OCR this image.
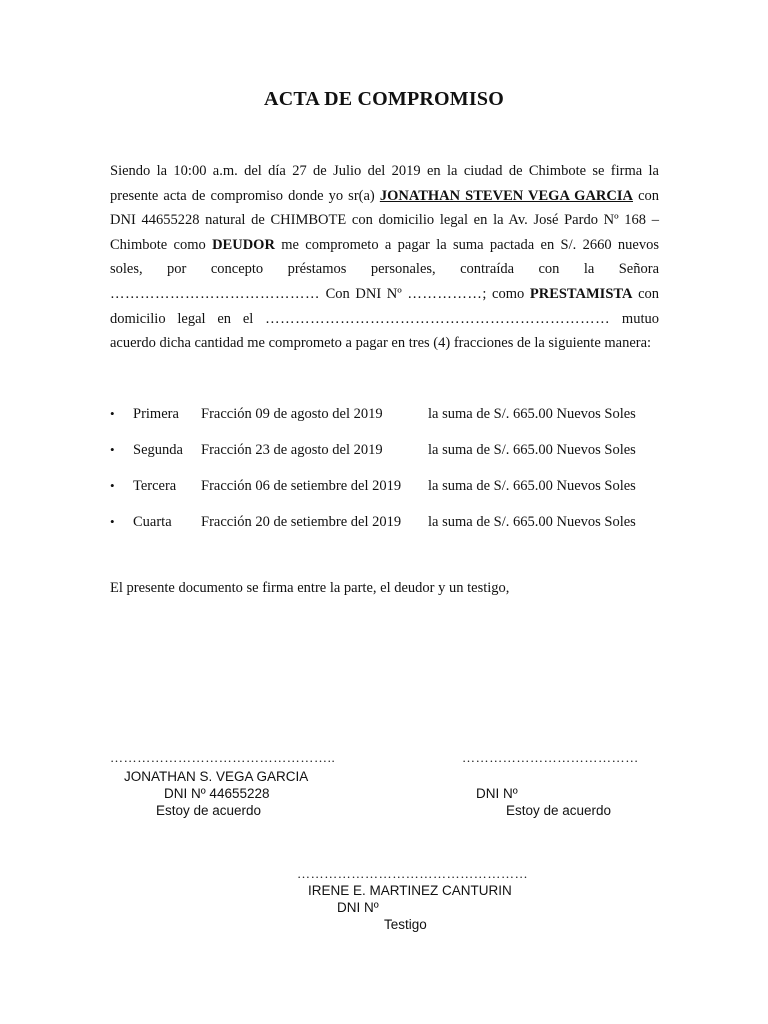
ACTA DE COMPROMISO

Siendo la 10:00 a.m. del día 27 de Julio del 2019 en la ciudad de Chimbote se firma la presente acta de compromiso donde yo sr(a) JONATHAN STEVEN VEGA GARCIA con DNI 44655228 natural de CHIMBOTE con domicilio legal en la Av. José Pardo Nº 168 – Chimbote como DEUDOR me comprometo a pagar la suma pactada en S/. 2660 nuevos soles, por concepto préstamos personales, contraída con la Señora …………………………………… Con DNI Nº ……………; como PRESTAMISTA con domicilio legal en el …………………………………………………………… mutuo acuerdo dicha cantidad me comprometo a pagar en tres (4) fracciones de la siguiente manera:

• Primera Fracción 09 de agosto del 2019	la suma de S/. 665.00 Nuevos Soles
• Segunda Fracción 23 de agosto del 2019	la suma de S/. 665.00 Nuevos Soles
• Tercera Fracción 06 de setiembre del 2019 la suma de S/. 665.00 Nuevos Soles
• Cuarta Fracción 20 de setiembre del 2019 la suma de S/. 665.00 Nuevos Soles
El presente documento se firma entre la parte, el deudor y un testigo,
…………………………………………..
JONATHAN S. VEGA GARCIA
DNI Nº 44655228
Estoy de acuerdo
…………………………………
DNI Nº
Estoy de acuerdo
……………………………………………
IRENE E. MARTINEZ CANTURIN
DNI Nº
Testigo
